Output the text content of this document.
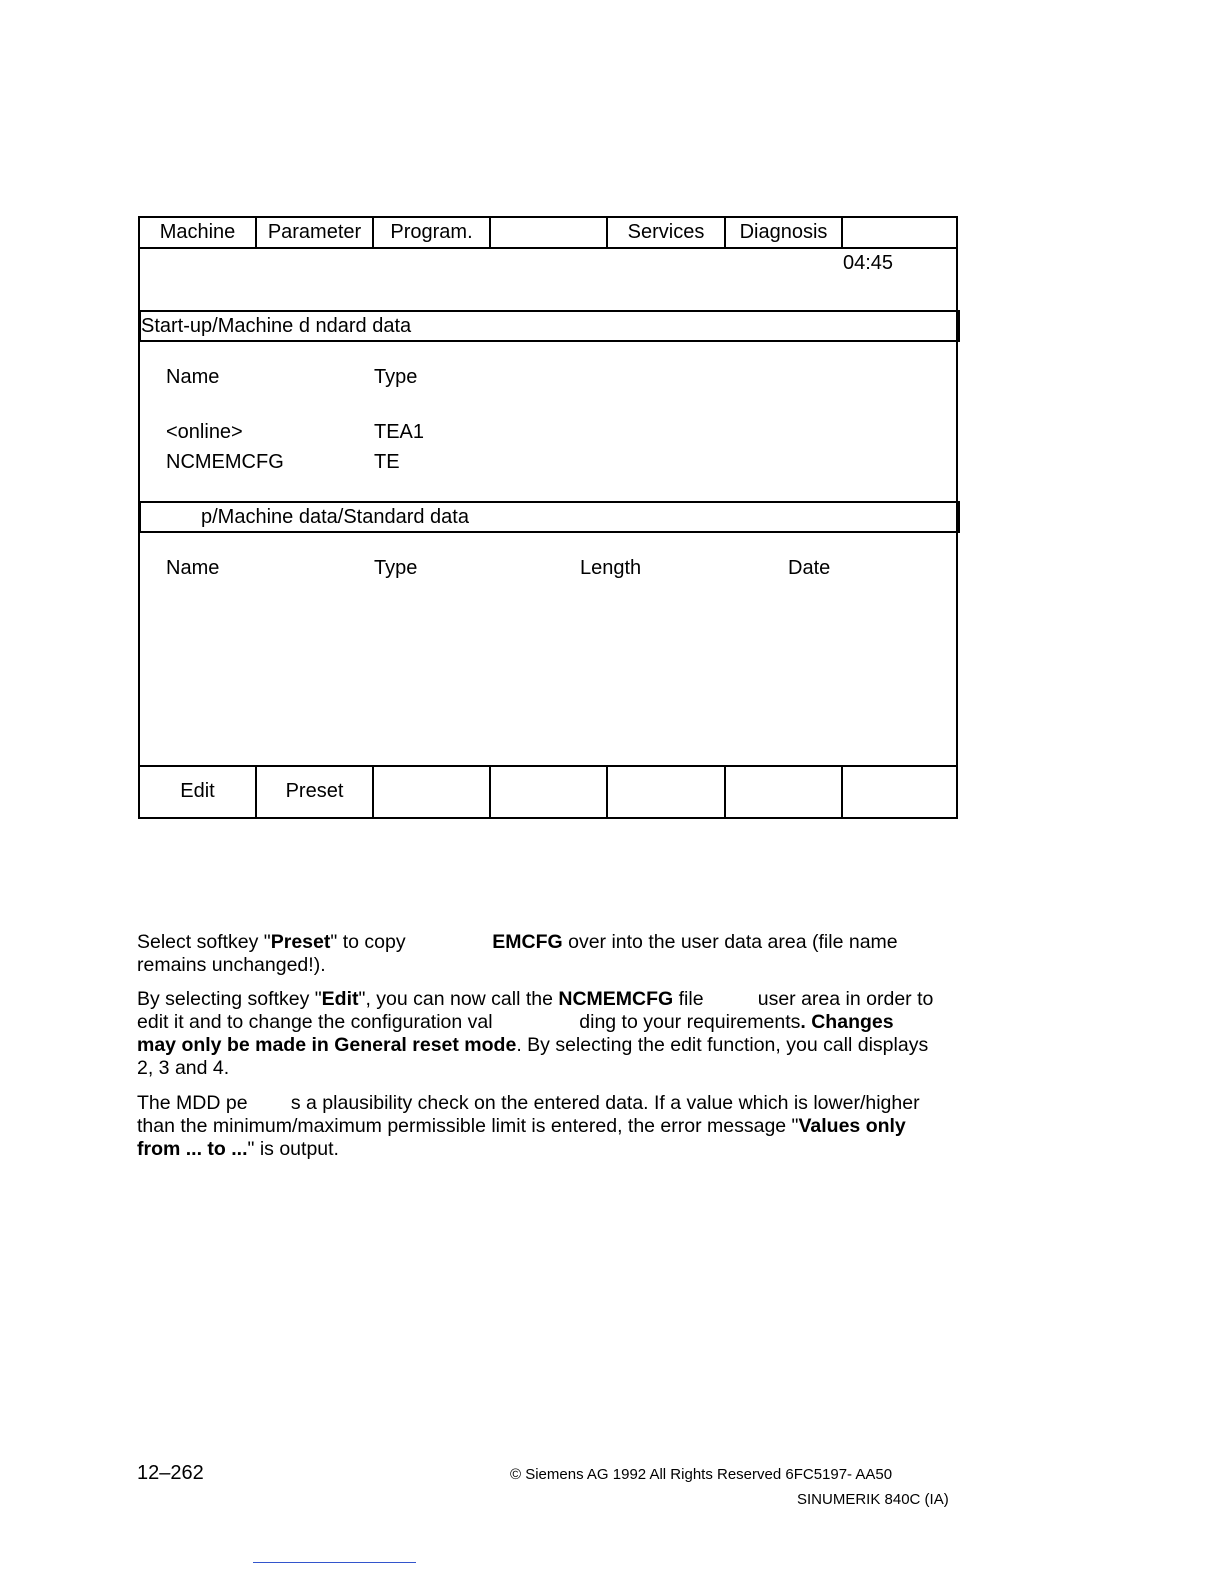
Machine	Parameter	Program.	Services	Diagnosis
04:45
Start-up/Machine d ndard data
Name	Type
<online>	TEA1
NCMEMCFG	TE
p/Machine data/Standard data
Name	Type	Length	Date
Edit	Preset
Select softkey "Preset" to copy                EMCFG over into the user data area (file name remains unchanged!).
By selecting softkey "Edit", you can now call the NCMEMCFG file          user area in order to edit it and to change the configuration val                ding to your requirements. Changes may only be made in General reset mode. By selecting the edit function, you call displays 2, 3 and 4.
The MDD pe        s a plausibility check on the entered data. If a value which is lower/higher than the minimum/maximum permissible limit is entered, the error message "Values only from ... to ..." is output.
12–262	© Siemens AG 1992 All Rights Reserved 6FC5197- AA50
SINUMERIK 840C (IA)
